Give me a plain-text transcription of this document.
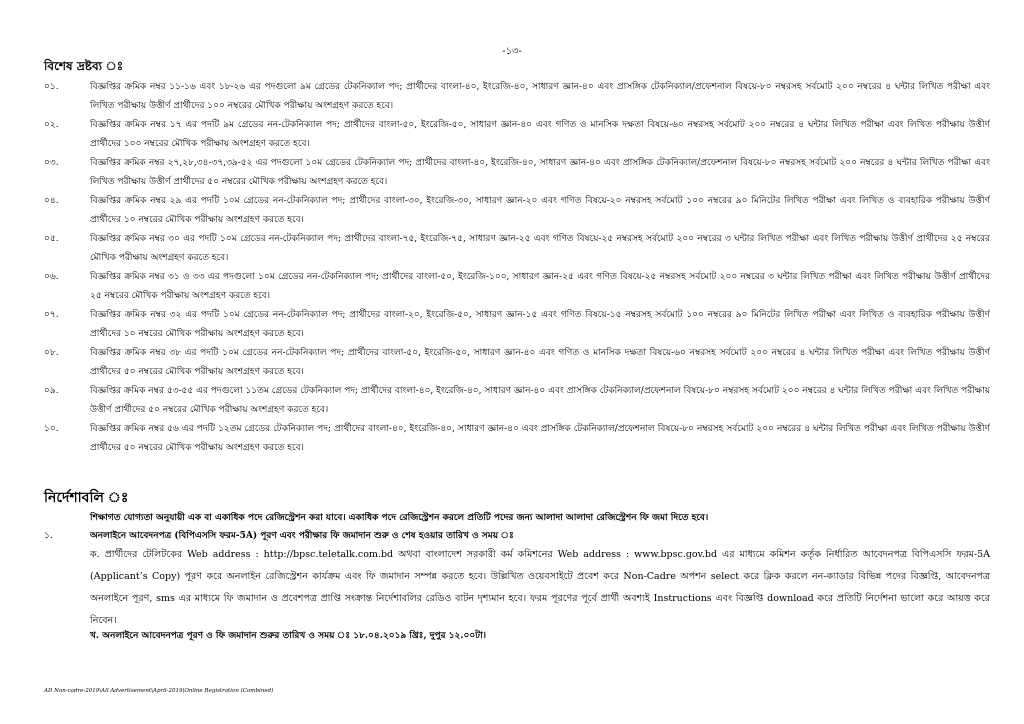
-১৩-
বিশেষ দ্রষ্টব্য ঃ
০১.	বিজ্ঞপ্তির ক্রমিক নম্বর ১১-১৬ এবং ১৮-২৬ এর পদগুলো ৯ম গ্রেডের টেকনিক্যাল পদ; প্রার্থীদের বাংলা-৪০, ইংরেজি-৪০, সাধারণ জ্ঞান-৪০ এবং প্রাসঙ্গিক টেকনিক্যাল/প্রফেশনাল বিষয়ে-৮০ নম্বরসহ সর্বমোট ২০০ নম্বরের ৪ ঘন্টার লিখিত পরীক্ষা এবং লিখিত পরীক্ষায় উত্তীর্ণ প্রার্থীদের ১০০ নম্বরের মৌখিক পরীক্ষায় অংশগ্রহণ করতে হবে।
০২.	বিজ্ঞপ্তির ক্রমিক নম্বর ১৭ এর পদটি ৯ম গ্রেডের নন-টেকনিক্যাল পদ; প্রার্থীদের বাংলা-৫০, ইংরেজি-৫০, সাধারণ জ্ঞান-৪০ এবং গণিত ও মানসিক দক্ষতা বিষয়ে-৬০ নম্বরসহ সর্বমোট ২০০ নম্বরের ৪ ঘন্টার লিখিত পরীক্ষা এবং লিখিত পরীক্ষায় উত্তীর্ণ প্রার্থীদের ১০০ নম্বরের মৌখিক পরীক্ষায় অংশগ্রহণ করতে হবে।
০৩.	বিজ্ঞপ্তির ক্রমিক নম্বর ২৭,২৮,৩৪-৩৭,৩৯-৫২ এর পদগুলো ১০ম গ্রেডের টেকনিক্যাল পদ; প্রার্থীদের বাংলা-৪০, ইংরেজি-৪০, সাধারণ জ্ঞান-৪০ এবং প্রাসঙ্গিক টেকনিক্যাল/প্রফেশনাল বিষয়ে-৮০ নম্বরসহ সর্বমোট ২০০ নম্বরের ৪ ঘন্টার লিখিত পরীক্ষা এবং লিখিত পরীক্ষায় উত্তীর্ণ প্রার্থীদের ৫০ নম্বরের মৌখিক পরীক্ষায় অংশগ্রহণ করতে হবে।
০৪.	বিজ্ঞপ্তির ক্রমিক নম্বর ২৯ এর পদটি ১০ম গ্রেডের নন-টেকনিক্যাল পদ; প্রার্থীদের বাংলা-৩০, ইংরেজি-৩০, সাধারণ জ্ঞান-২০ এবং গণিত বিষয়ে-২০ নম্বরসহ সর্বমোট ১০০ নম্বরের ৯০ মিনিটের লিখিত পরীক্ষা এবং লিখিত ও ব্যবহারিক পরীক্ষায় উত্তীর্ণ প্রার্থীদের ১০ নম্বরের মৌখিক পরীক্ষায় অংশগ্রহণ করতে হবে।
০৫.	বিজ্ঞপ্তির ক্রমিক নম্বর ৩০ এর পদটি ১০ম গ্রেডের নন-টেকনিক্যাল পদ; প্রার্থীদের বাংলা-৭৫, ইংরেজি-৭৫, সাধারণ জ্ঞান-২৫ এবং গণিত বিষয়ে-২৫ নম্বরসহ সর্বমোট ২০০ নম্বরের ৩ ঘন্টার লিখিত পরীক্ষা এবং লিখিত পরীক্ষায় উত্তীর্ণ প্রার্থীদের ২৫ নম্বরের মৌখিক পরীক্ষায় অংশগ্রহণ করতে হবে।
০৬.	বিজ্ঞপ্তির ক্রমিক নম্বর ৩১ ও ৩৩ এর পদগুলো ১০ম গ্রেডের নন-টেকনিক্যাল পদ; প্রার্থীদের বাংলা-৫০, ইংরেজি-১০০, সাধারণ জ্ঞান-২৫ এবং গণিত বিষয়ে-২৫ নম্বরসহ সর্বমোট ২০০ নম্বরের ৩ ঘন্টার লিখিত পরীক্ষা এবং লিখিত পরীক্ষায় উত্তীর্ণ প্রার্থীদের ২৫ নম্বরের মৌখিক পরীক্ষায় অংশগ্রহণ করতে হবে।
০৭.	বিজ্ঞপ্তির ক্রমিক নম্বর ৩২ এর পদটি ১০ম গ্রেডের নন-টেকনিক্যাল পদ; প্রার্থীদের বাংলা-২০, ইংরেজি-৫০, সাধারণ জ্ঞান-১৫ এবং গণিত বিষয়ে-১৫ নম্বরসহ সর্বমোট ১০০ নম্বরের ৯০ মিনিটের লিখিত পরীক্ষা এবং লিখিত ও ব্যবহারিক পরীক্ষায় উত্তীর্ণ প্রার্থীদের ১০ নম্বরের মৌখিক পরীক্ষায় অংশগ্রহণ করতে হবে।
০৮.	বিজ্ঞপ্তির ক্রমিক নম্বর ৩৮ এর পদটি ১০ম গ্রেডের নন-টেকনিক্যাল পদ; প্রার্থীদের বাংলা-৫০, ইংরেজি-৫০, সাধারণ জ্ঞান-৪০ এবং গণিত ও মানসিক দক্ষতা বিষয়ে-৬০ নম্বরসহ সর্বমোট ২০০ নম্বরের ৪ ঘন্টার লিখিত পরীক্ষা এবং লিখিত পরীক্ষায় উত্তীর্ণ প্রার্থীদের ৫০ নম্বরের মৌখিক পরীক্ষায় অংশগ্রহণ করতে হবে।
০৯.	বিজ্ঞপ্তির ক্রমিক নম্বর ৫৩-৫৫ এর পদগুলো ১১তম গ্রেডের টেকনিক্যাল পদ; প্রার্থীদের বাংলা-৪০, ইংরেজি-৪০, সাধারণ জ্ঞান-৪০ এবং প্রাসঙ্গিক টেকনিক্যাল/প্রফেশনাল বিষয়ে-৮০ নম্বরসহ সর্বমোট ২০০ নম্বরের ৪ ঘন্টার লিখিত পরীক্ষা এবং লিখিত পরীক্ষায় উত্তীর্ণ প্রার্থীদের ৫০ নম্বরের মৌখিক পরীক্ষায় অংশগ্রহণ করতে হবে।
১০.	বিজ্ঞপ্তির ক্রমিক নম্বর ৫৬ এর পদটি ১২তম গ্রেডের টেকনিক্যাল পদ; প্রার্থীদের বাংলা-৪০, ইংরেজি-৪০, সাধারণ জ্ঞান-৪০ এবং প্রাসঙ্গিক টেকনিক্যাল/প্রফেশনাল বিষয়ে-৮০ নম্বরসহ সর্বমোট ২০০ নম্বরের ৪ ঘন্টার লিখিত পরীক্ষা এবং লিখিত পরীক্ষায় উত্তীর্ণ প্রার্থীদের ৫০ নম্বরের মৌখিক পরীক্ষায় অংশগ্রহণ করতে হবে।
নির্দেশাবলি ঃ
শিক্ষাগত যোগ্যতা অনুযায়ী এক বা একাধিক পদে রেজিস্ট্রেশন করা যাবে। একাধিক পদে রেজিস্ট্রেশন করলে প্রতিটি পদের জন্য আলাদা আলাদা রেজিস্ট্রেশন ফি জমা দিতে হবে।
১.	অনলাইনে আবেদনপত্র (বিপিএসসি ফরম-5A) পূরণ এবং পরীক্ষার ফি জমাদান শুরু ও শেষ হওয়ার তারিখ ও সময় ঃ
ক. প্রার্থীদের টেলিটকের Web address : http://bpsc.teletalk.com.bd অথবা বাংলাদেশ সরকারী কর্ম কমিশনের Web address : www.bpsc.gov.bd এর মাধ্যমে কমিশন কর্তৃক নির্ধারিত আবেদনপত্র বিপিএসসি ফরম-5A (Applicant’s Copy) পূরণ করে অনলাইন রেজিস্ট্রেশন কার্যক্রম এবং ফি জমাদান সম্পন্ন করতে হবে। উল্লিখিত ওয়েবসাইটে প্রবেশ করে Non-Cadre অপশন select করে ক্লিক করলে নন-ক্যাডার বিভিন্ন পদের বিজ্ঞপ্তি, আবেদনপত্র অনলাইনে পূরণ, sms এর মাধ্যমে ফি জমাদান ও প্রবেশপত্র প্রাপ্তি সংক্রান্ত নির্দেশাবলির রেডিও বাটন দৃশ্যমান হবে। ফরম পূরণের পূর্বে প্রার্থী অবশ্যই Instructions এবং বিজ্ঞপ্তি download করে প্রতিটি নির্দেশনা ভালো করে আয়ত্ত করে নিবেন।
খ. অনলাইনে আবেদনপত্র পূরণ ও ফি জমাদান শুরুর তারিখ ও সময় ঃ ১৮.০৪.২০১৯ খ্রিঃ, দুপুর ১২.০০টা।
AD Non-cadre-2019\All Advertisement\April-2019\Online Registration (Combined)
